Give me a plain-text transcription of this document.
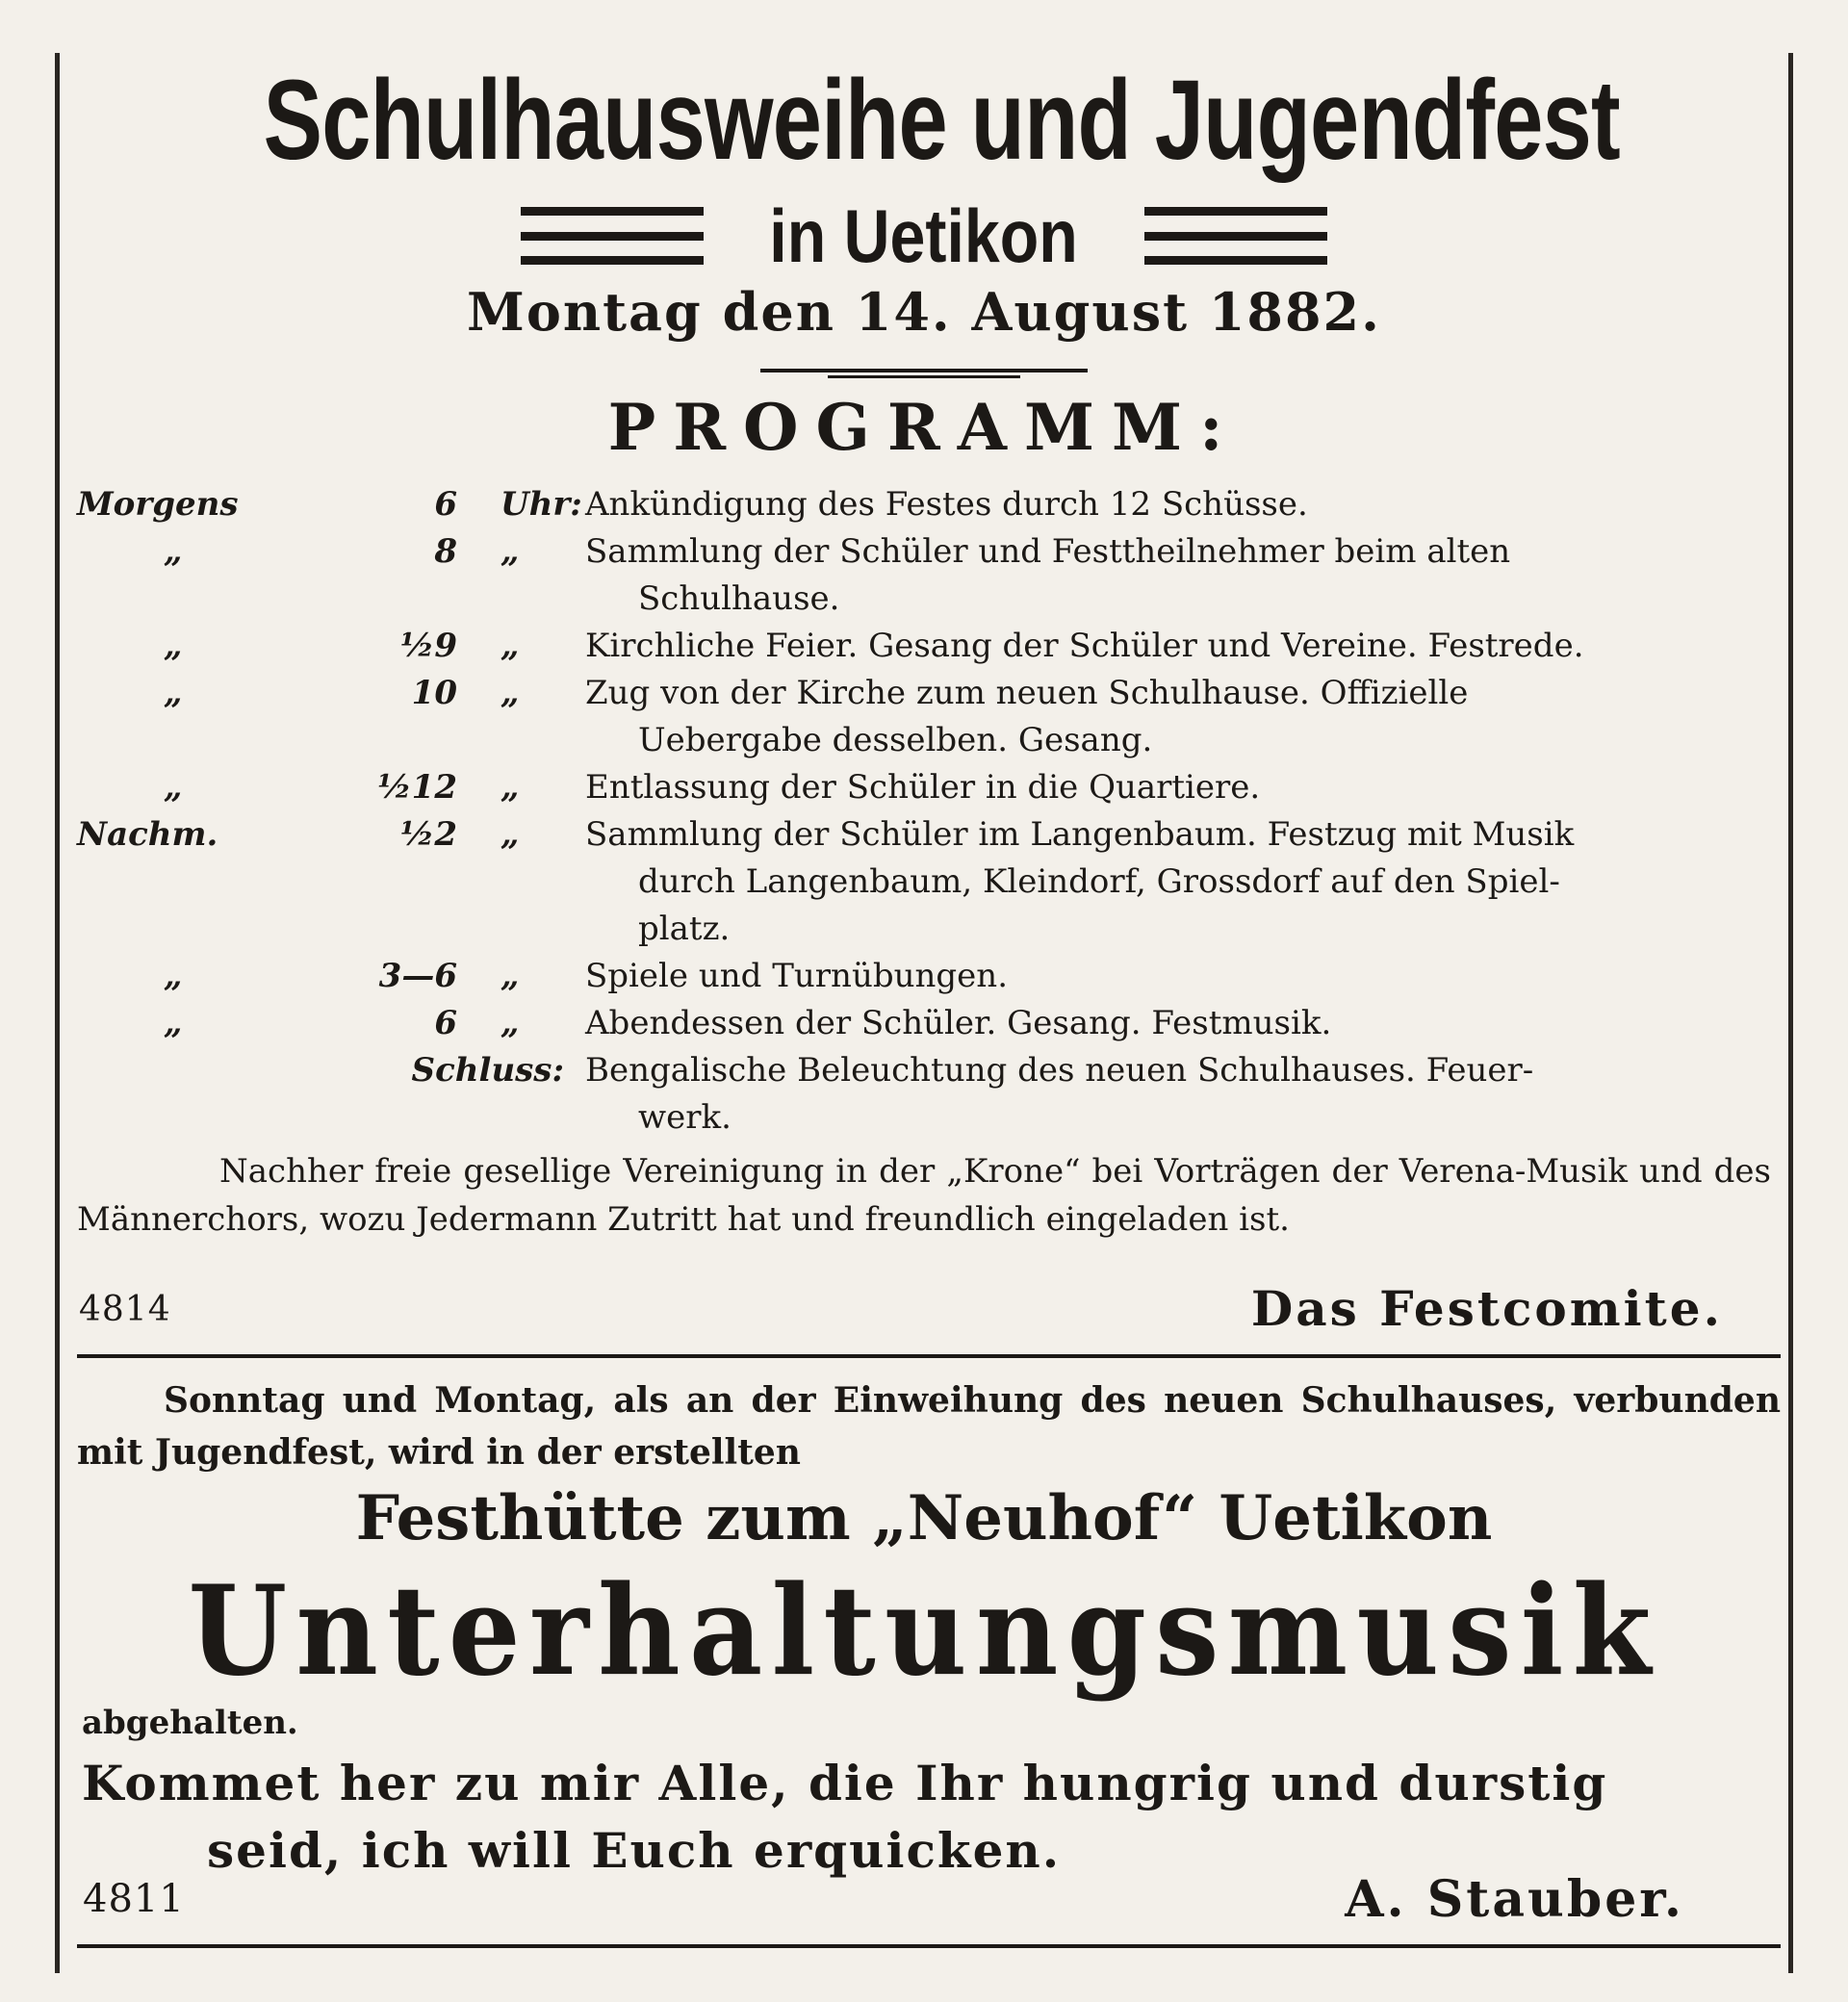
Schulhausweihe und Jugendfest
in Uetikon
Montag den 14. August 1882.
PROGRAMM:
Morgens	6	Uhr: Ankündigung des Festes durch 12 Schüsse.
„	8	„	Sammlung der Schüler und Festtheilnehmer beim alten
Schulhause.
„	½9	„	Kirchliche Feier. Gesang der Schüler und Vereine. Festrede.
„	10	„	Zug von der Kirche zum neuen Schulhause. Offizielle
Uebergabe desselben. Gesang.
„	½12	„	Entlassung der Schüler in die Quartiere.
Nachm.	½2	„	Sammlung der Schüler im Langenbaum. Festzug mit Musik
durch Langenbaum, Kleindorf, Grossdorf auf den Spiel-
platz.
„	3—6	„	Spiele und Turnübungen.
„	6	„	Abendessen der Schüler. Gesang. Festmusik.
Schluss: Bengalische Beleuchtung des neuen Schulhauses. Feuer-
werk.
Nachher freie gesellige Vereinigung in der „Krone“ bei Vorträgen der Verena-Musik und des Männerchors, wozu Jedermann Zutritt hat und freundlich eingeladen ist.
4814	Das Festcomite.
Sonntag und Montag, als an der Einweihung des neuen Schulhauses, verbunden mit Jugendfest, wird in der erstellten
Festhütte zum „Neuhof“ Uetikon
Unterhaltungsmusik
abgehalten.
Kommet her zu mir Alle, die Ihr hungrig und durstig
seid, ich will Euch erquicken.
4811	A. Stauber.
